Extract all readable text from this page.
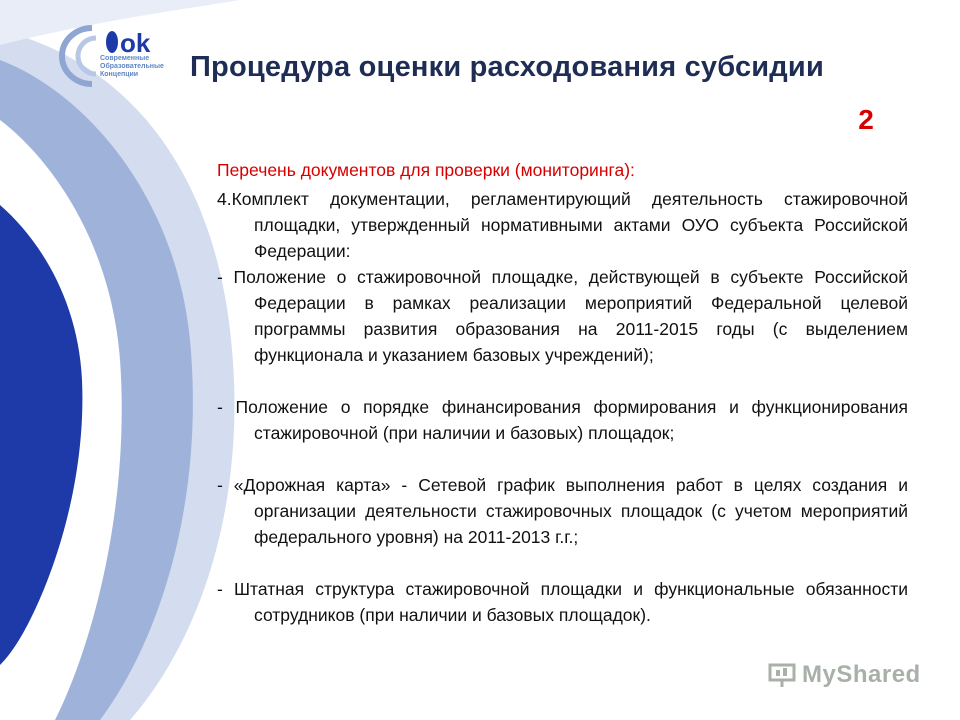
ok
Современные
Образовательные
Концепции	Процедура оценки расходования субсидии
2

Перечень документов для проверки (мониторинга):

4.Комплект документации, регламентирующий деятельность стажировочной площадки, утвержденный нормативными актами ОУО субъекта Российской Федерации:

- Положение о стажировочной площадке, действующей в субъекте Российской Федерации в рамках реализации мероприятий Федеральной целевой программы развития образования на 2011-2015 годы (с выделением функционала и указанием базовых учреждений);

- Положение о порядке финансирования формирования и функционирования стажировочной (при наличии и базовых) площадок;

- «Дорожная карта» - Сетевой график выполнения работ в целях создания и организации деятельности стажировочных площадок (с учетом мероприятий федерального уровня) на 2011-2013 г.г.;

- Штатная структура стажировочной площадки и функциональные обязанности сотрудников (при наличии и базовых площадок).

MyShared
